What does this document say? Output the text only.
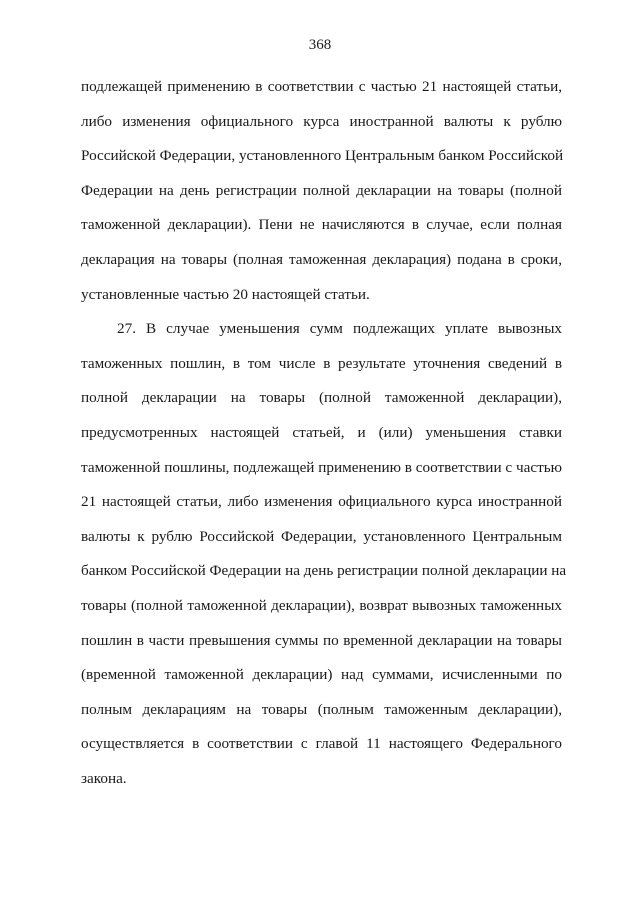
368

подлежащей применению в соответствии с частью 21 настоящей статьи,
либо изменения официального курса иностранной валюты к рублю
Российской Федерации, установленного Центральным банком Российской
Федерации на день регистрации полной декларации на товары (полной
таможенной декларации). Пени не начисляются в случае, если полная
декларация на товары (полная таможенная декларация) подана в сроки,
установленные частью 20 настоящей статьи.

27. В случае уменьшения сумм подлежащих уплате вывозных
таможенных пошлин, в том числе в результате уточнения сведений в
полной декларации на товары (полной таможенной декларации),
предусмотренных настоящей статьей, и (или) уменьшения ставки
таможенной пошлины, подлежащей применению в соответствии с частью
21 настоящей статьи, либо изменения официального курса иностранной
валюты к рублю Российской Федерации, установленного Центральным
банком Российской Федерации на день регистрации полной декларации на
товары (полной таможенной декларации), возврат вывозных таможенных
пошлин в части превышения суммы по временной декларации на товары
(временной таможенной декларации) над суммами, исчисленными по
полным декларациям на товары (полным таможенным декларации),
осуществляется в соответствии с главой 11 настоящего Федерального
закона.
